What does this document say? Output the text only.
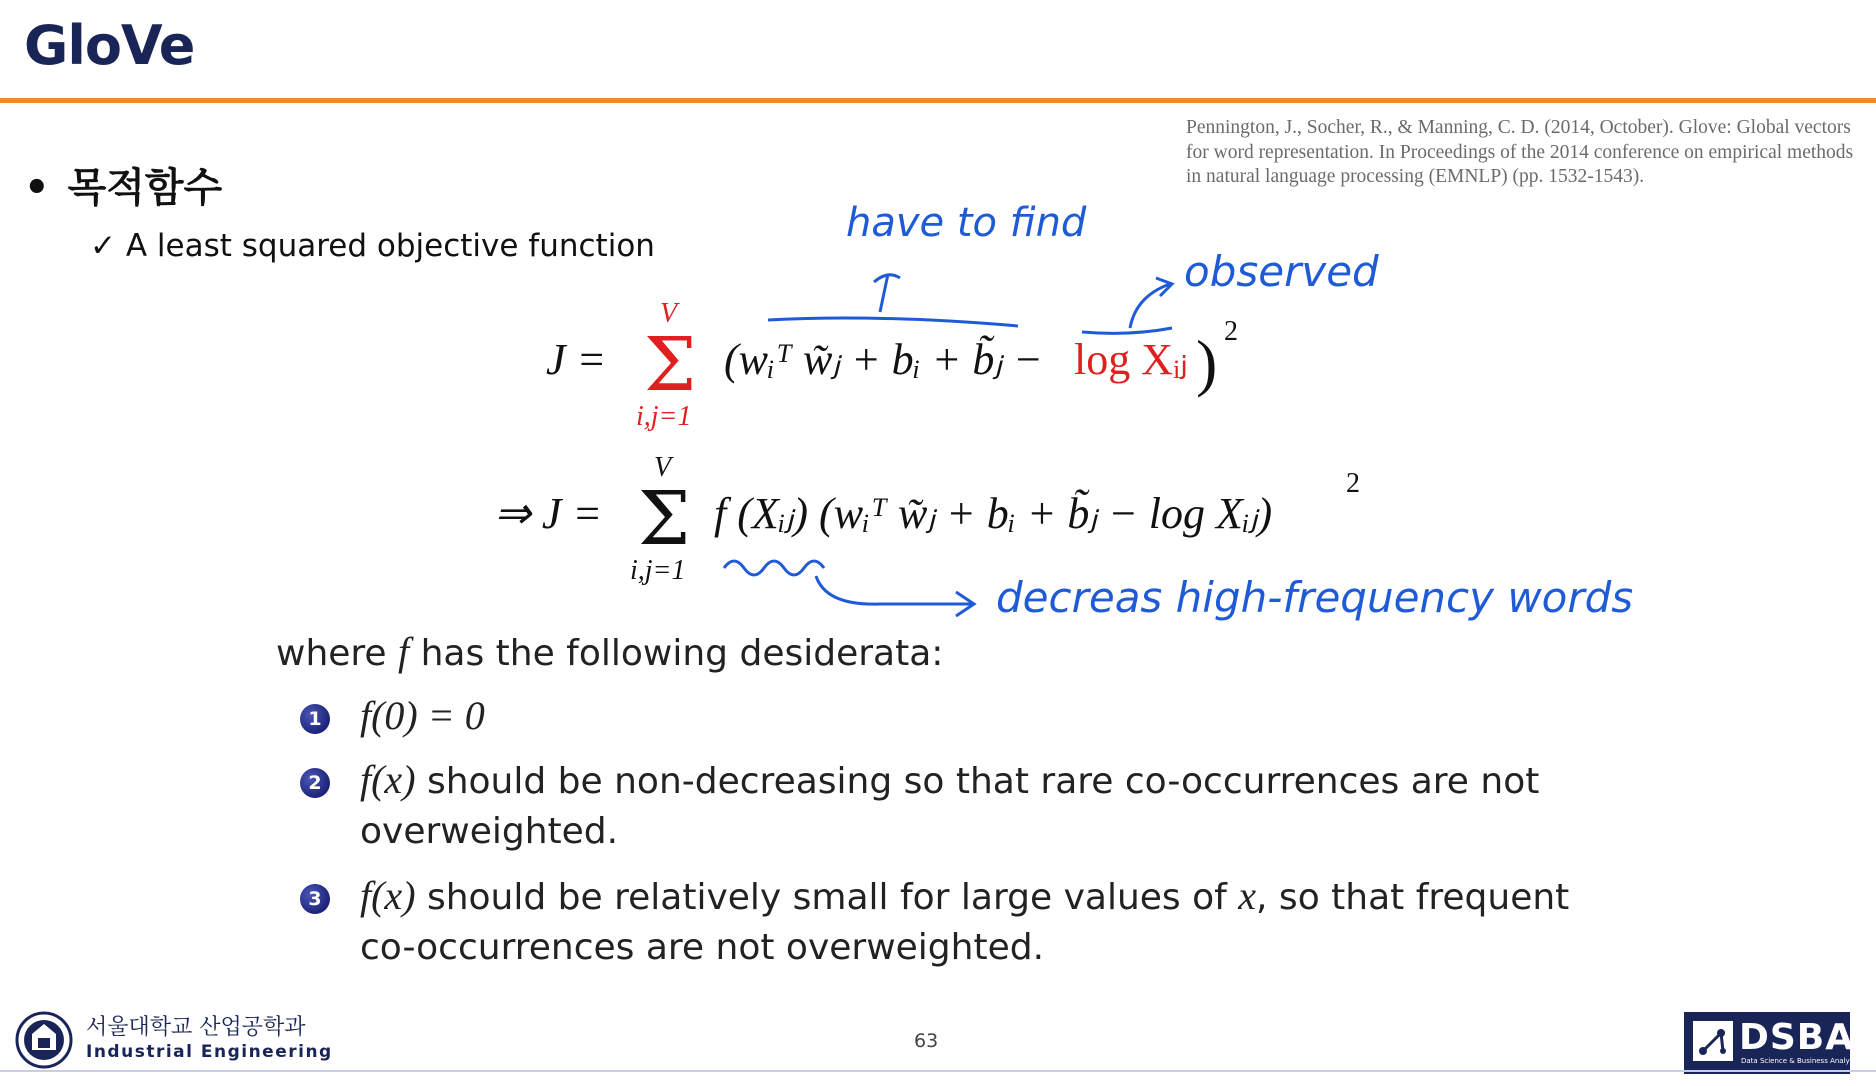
GloVe
Pennington, J., Socher, R., & Manning, C. D. (2014, October). Glove: Global vectors for word representation. In Proceedings of the 2014 conference on empirical methods in natural language processing (EMNLP) (pp. 1532-1543).
• 목적함수
✓ A least squared objective function
J =
V
Σ
i,j=1
(wᵢᵀ w̃ⱼ + bᵢ + b̃ⱼ − log Xᵢⱼ ) 2
⇒ J =
V
Σ
i,j=1
f (Xᵢⱼ) (wᵢᵀ w̃ⱼ + bᵢ + b̃ⱼ − log Xᵢⱼ)
2
have to find
observed
decreas high-frequency words
where f has the following desiderata:
1 f(0) = 0
2 f(x) should be non-decreasing so that rare co-occurrences are not
overweighted.
3 f(x) should be relatively small for large values of x, so that frequent
co-occurrences are not overweighted.
서울대학교 산업공학과
Industrial Engineering	63	DSBA
Data Science & Business Analytics
